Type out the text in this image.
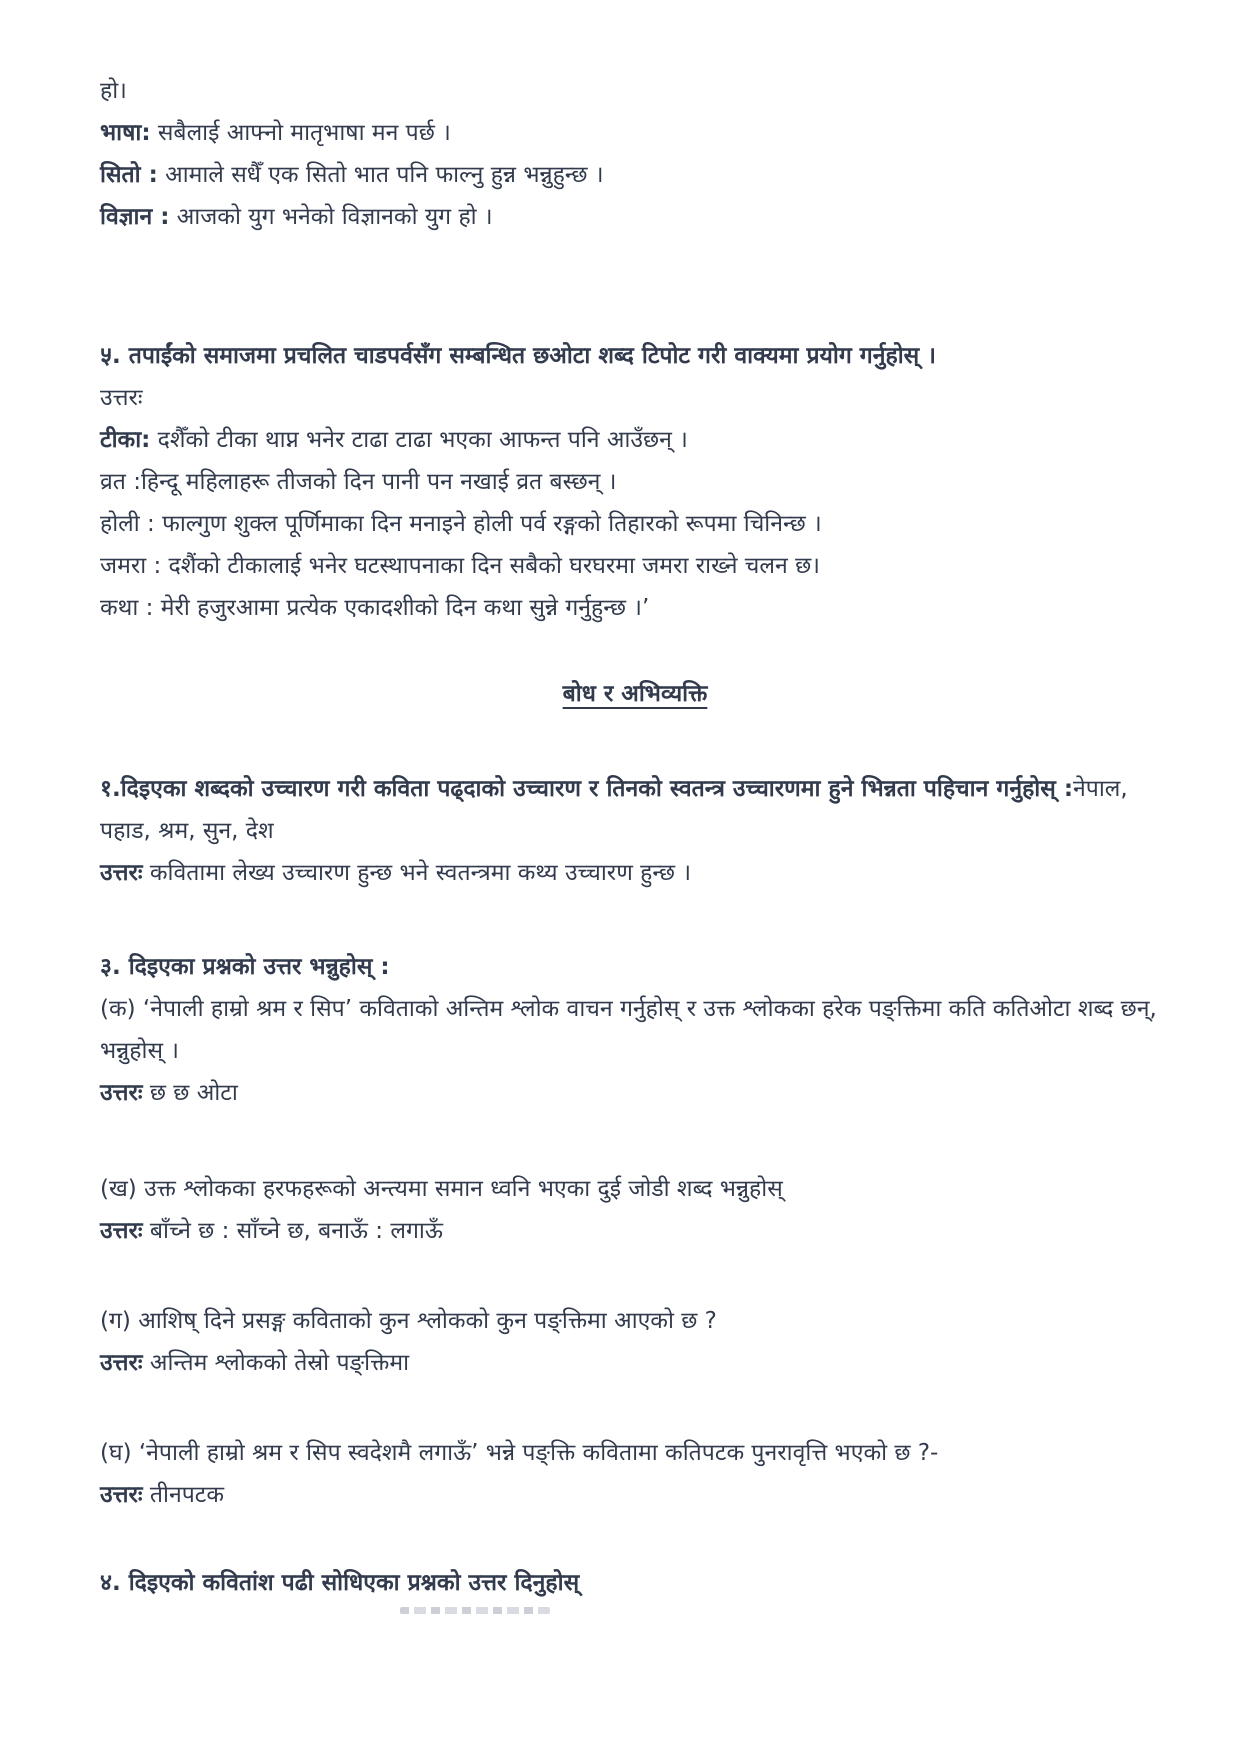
हो।

भाषा: सबैलाई आफ्नो मातृभाषा मन पर्छ ।

सितो : आमाले सधैँ एक सितो भात पनि फाल्नु हुन्न भन्नुहुन्छ ।

विज्ञान : आजको युग भनेको विज्ञानको युग हो ।

५. तपाईंको समाजमा प्रचलित चाडपर्वसँग सम्बन्धित छओटा शब्द टिपोट गरी वाक्यमा प्रयोग गर्नुहोस् ।

उत्तरः

टीका: दशैँको टीका थाप्न भनेर टाढा टाढा भएका आफन्त पनि आउँछन् ।

व्रत :हिन्दू महिलाहरू तीजको दिन पानी पन नखाई व्रत बस्छन् ।

होली : फाल्गुण शुक्ल पूर्णिमाका दिन मनाइने होली पर्व रङ्गको तिहारको रूपमा चिनिन्छ ।

जमरा : दशैंको टीकालाई भनेर घटस्थापनाका दिन सबैको घरघरमा जमरा राख्ने चलन छ।

कथा : मेरी हजुरआमा प्रत्येक एकादशीको दिन कथा सुन्ने गर्नुहुन्छ ।’

बोध र अभिव्यक्ति

१.दिइएका शब्दको उच्चारण गरी कविता पढ्दाको उच्चारण र तिनको स्वतन्त्र उच्चारणमा हुने भिन्नता पहिचान गर्नुहोस् :नेपाल, पहाड, श्रम, सुन, देश

उत्तरः कवितामा लेख्य उच्चारण हुन्छ भने स्वतन्त्रमा कथ्य उच्चारण हुन्छ ।

३. दिइएका प्रश्नको उत्तर भन्नुहोस् :

(क) ‘नेपाली हाम्रो श्रम र सिप’ कविताको अन्तिम श्लोक वाचन गर्नुहोस् र उक्त श्लोकका हरेक पङ्क्तिमा कति कतिओटा शब्द छन्, भन्नुहोस् ।

उत्तरः छ छ ओटा

(ख) उक्त श्लोकका हरफहरूको अन्त्यमा समान ध्वनि भएका दुई जोडी शब्द भन्नुहोस्

उत्तरः बाँच्ने छ : साँच्ने छ, बनाऊँ : लगाऊँ

(ग) आशिष् दिने प्रसङ्ग कविताको कुन श्लोकको कुन पङ्क्तिमा आएको छ ?

उत्तरः अन्तिम श्लोकको तेस्रो पङ्क्तिमा

(घ) ‘नेपाली हाम्रो श्रम र सिप स्वदेशमै लगाऊँ’ भन्ने पङ्क्ति कवितामा कतिपटक पुनरावृत्ति भएको छ ?-

उत्तरः तीनपटक

४. दिइएको कवितांश पढी सोधिएका प्रश्नको उत्तर दिनुहोस्
